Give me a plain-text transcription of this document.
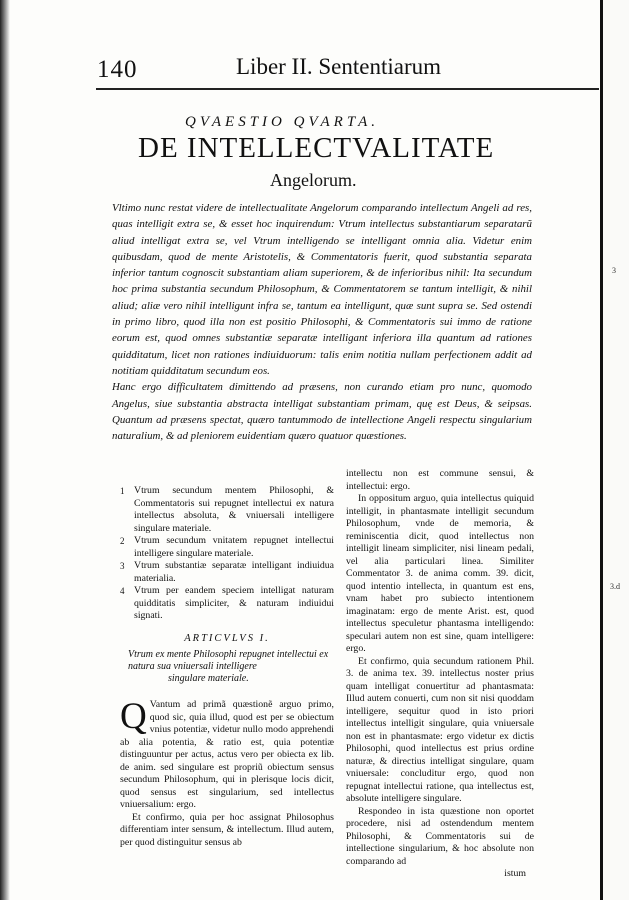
3
3.d
140	Liber II. Sententiarum
QVAESTIO QVARTA.
DE INTELLECTVALITATE
Angelorum.

Vltimo nunc restat videre de intellectualitate Angelorum comparando intellectum Angeli ad res, quas intelligit extra se, & esset hoc inquirendum: Vtrum intellectus substantiarum separatarũ aliud intelligat extra se, vel Vtrum intelligendo se intelligant omnia alia. Videtur enim quibusdam, quod de mente Aristotelis, & Commentatoris fuerit, quod substantia separata inferior tantum cognoscit substantiam aliam superiorem, & de inferioribus nihil: Ita secundum hoc prima substantia secundum Philosophum, & Commentatorem se tantum intelligit, & nihil aliud; aliæ vero nihil intelligunt infra se, tantum ea intelligunt, quæ sunt supra se. Sed ostendi in primo libro, quod illa non est positio Philosophi, & Commentatoris sui immo de ratione eorum est, quod omnes substantiæ separatæ intelligant inferiora illa quantum ad rationes quidditatum, licet non rationes indiuiduorum: talis enim notitia nullam perfectionem addit ad notitiam quidditatum secundum eos.

Hanc ergo difficultatem dimittendo ad præsens, non curando etiam pro nunc, quomodo Angelus, siue substantia abstracta intelligat substantiam primam, quę est Deus, & seipsas. Quantum ad præsens spectat, quæro tantummodo de intellectione Angeli respectu singularium naturalium, & ad pleniorem euidentiam quæro quatuor quæstiones.

1 Vtrum secundum mentem Philosophi, & Commentatoris sui repugnet intellectui ex natura intellectus absoluta, & vniuersali intelligere singulare materiale.
2 Vtrum secundum vnitatem repugnet intellectui intelligere singulare materiale.
3 Vtrum substantiæ separatæ intelligant indiuidua materialia.
4 Vtrum per eandem speciem intelligat naturam quidditatis simpliciter, & naturam indiuidui signati.
ARTICVLVS I.
Vtrum ex mente Philosophi repugnet intellectui ex natura sua vniuersali intelligere
singulare materiale.

Q Vantum ad primã quæstionẽ arguo primo, quod sic, quia illud, quod est per se obiectum vnius potentiæ, videtur nullo modo apprehendi ab alia potentia, & ratio est, quia potentiæ distinguuntur per actus, actus vero per obiecta ex lib. de anim. sed singulare est propriũ obiectum sensus secundum Philosophum, qui in plerisque locis dicit, quod sensus est singularium, sed intellectus vniuersalium: ergo.

Et confirmo, quia per hoc assignat Philosophus differentiam inter sensum, & intellectum. Illud autem, per quod distinguitur sensus ab

intellectu non est commune sensui, & intellectui: ergo.

In oppositum arguo, quia intellectus quiquid intelligit, in phantasmate intelligit secundum Philosophum, vnde de memoria, & reminiscentia dicit, quod intellectus non intelligit lineam simpliciter, nisi lineam pedali, vel alia particulari linea. Similiter Commentator 3. de anima comm. 39. dicit, quod intentio intellecta, in quantum est ens, vnam habet pro subiecto intentionem imaginatam: ergo de mente Arist. est, quod intellectus speculetur phantasma intelligendo: speculari autem non est sine, quam intelligere: ergo.

Et confirmo, quia secundum rationem Phil. 3. de anima tex. 39. intellectus noster prius quam intelligat conuertitur ad phantasmata: Illud autem conuerti, cum non sit nisi quoddam intelligere, sequitur quod in isto priori intellectus intelligit singulare, quia vniuersale non est in phantasmate: ergo videtur ex dictis Philosophi, quod intellectus est prius ordine naturæ, & directius intelligat singulare, quam vniuersale: concluditur ergo, quod non repugnat intellectui ratione, qua intellectus est, absolute intelligere singulare.

Respondeo in ista quæstione non oportet procedere, nisi ad ostendendum mentem Philosophi, & Commentatoris sui de intellectione singularium, & hoc absolute non comparando ad

istum
